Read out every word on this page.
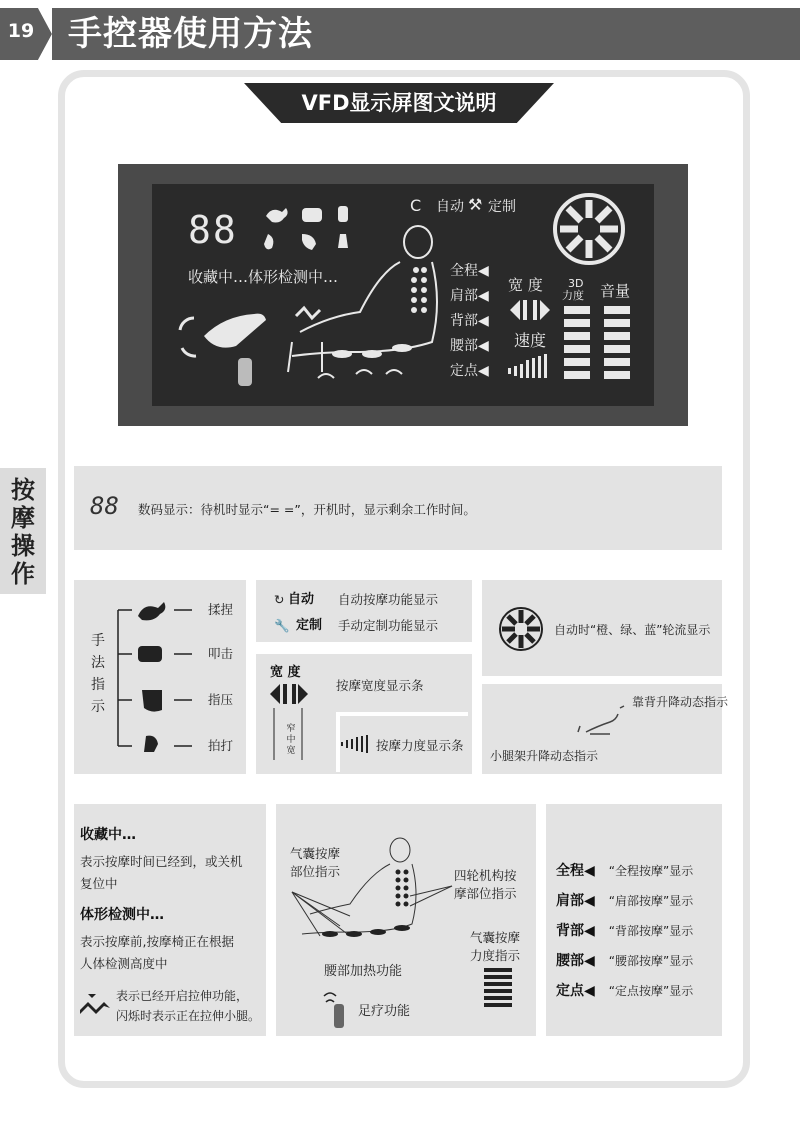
手控器使用方法
19
VFD显示屏图文说明
按摩操作
88
收藏中…体形检测中…
C 自动 ⚒ 定制
全程◀
肩部◀
背部◀
腰部◀
定点◀
宽 度
速度
3D
力度 音量
88 数码显示：待机时显示“= =”，开机时，显示剩余工作时间。
手
法
指
示
揉捏
叩击
指压
拍打
↻ 自动 自动按摩功能显示
🔧 定制 手动定制功能显示	自动时“橙、绿、蓝”轮流显示
宽 度
窄
中
宽
按摩宽度显示条
按摩力度显示条
靠背升降动态指示
小腿架升降动态指示
收藏中…
表示按摩时间已经到，或关机
复位中
体形检测中…
表示按摩前,按摩椅正在根据
人体检测高度中
表示已经开启拉伸功能，
闪烁时表示正在拉伸小腿。
气囊按摩
部位指示	四轮机构按
摩部位指示
气囊按摩
力度指示
腰部加热功能
足疗功能
全程◀ “全程按摩”显示
肩部◀ “肩部按摩”显示
背部◀ “背部按摩”显示
腰部◀ “腰部按摩”显示
定点◀ “定点按摩”显示
